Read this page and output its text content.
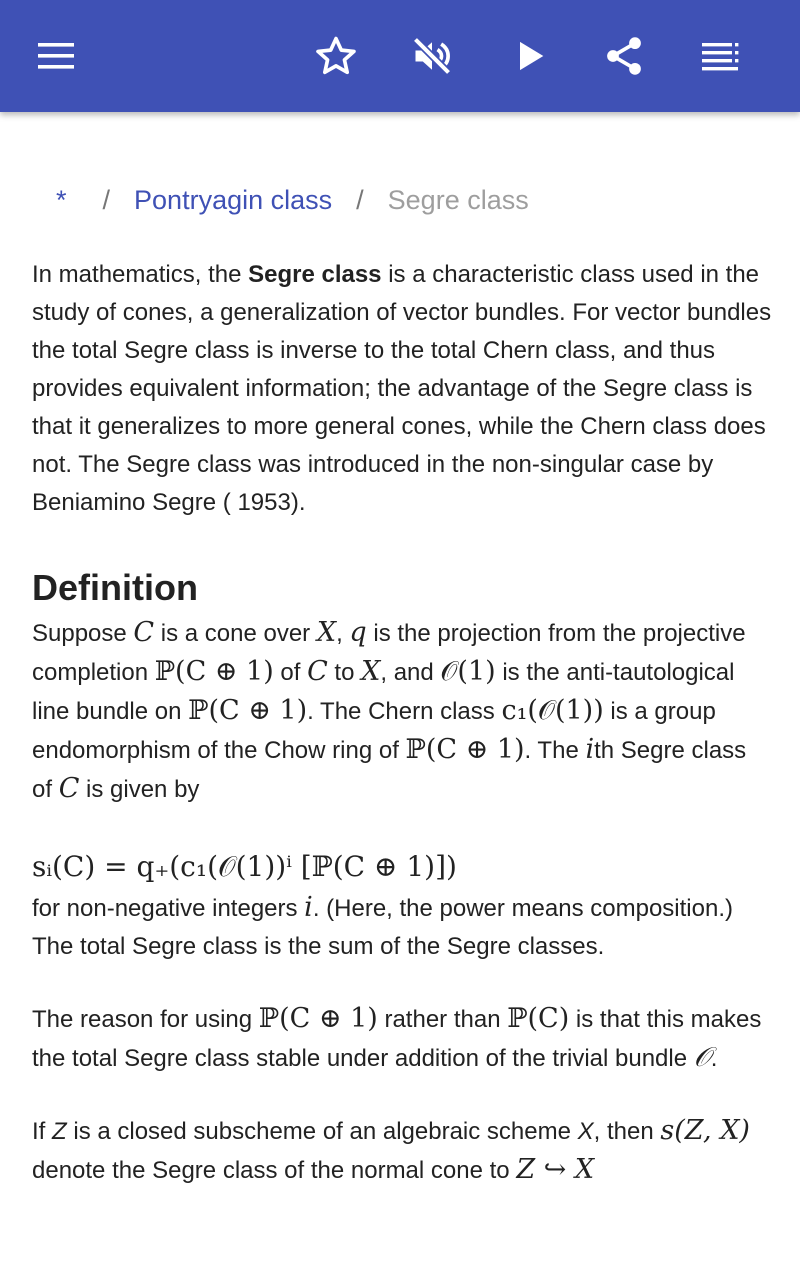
*	/ Pontryagin class / Segre class

In mathematics, the Segre class is a characteristic class used in the study of cones, a generalization of vector bundles. For vector bundles the total Segre class is inverse to the total Chern class, and thus provides equivalent information; the advantage of the Segre class is that it generalizes to more general cones, while the Chern class does not. The Segre class was introduced in the non-singular case by Beniamino Segre ( 1953).

Definition

Suppose C is a cone over X, q is the projection from the projective completion ℙ(C ⊕ 1) of C to X, and 𝒪(1) is the anti-tautological line bundle on ℙ(C ⊕ 1). The Chern class c₁(𝒪(1)) is a group endomorphism of the Chow ring of ℙ(C ⊕ 1). The ith Segre class of C is given by

sᵢ(C) = q₊(c₁(𝒪(1))ⁱ [ℙ(C ⊕ 1)])

for non-negative integers i. (Here, the power means composition.) The total Segre class is the sum of the Segre classes.

The reason for using ℙ(C ⊕ 1) rather than ℙ(C) is that this makes the total Segre class stable under addition of the trivial bundle 𝒪.

If Z is a closed subscheme of an algebraic scheme X, then s(Z, X) denote the Segre class of the normal cone to Z ↪ X
